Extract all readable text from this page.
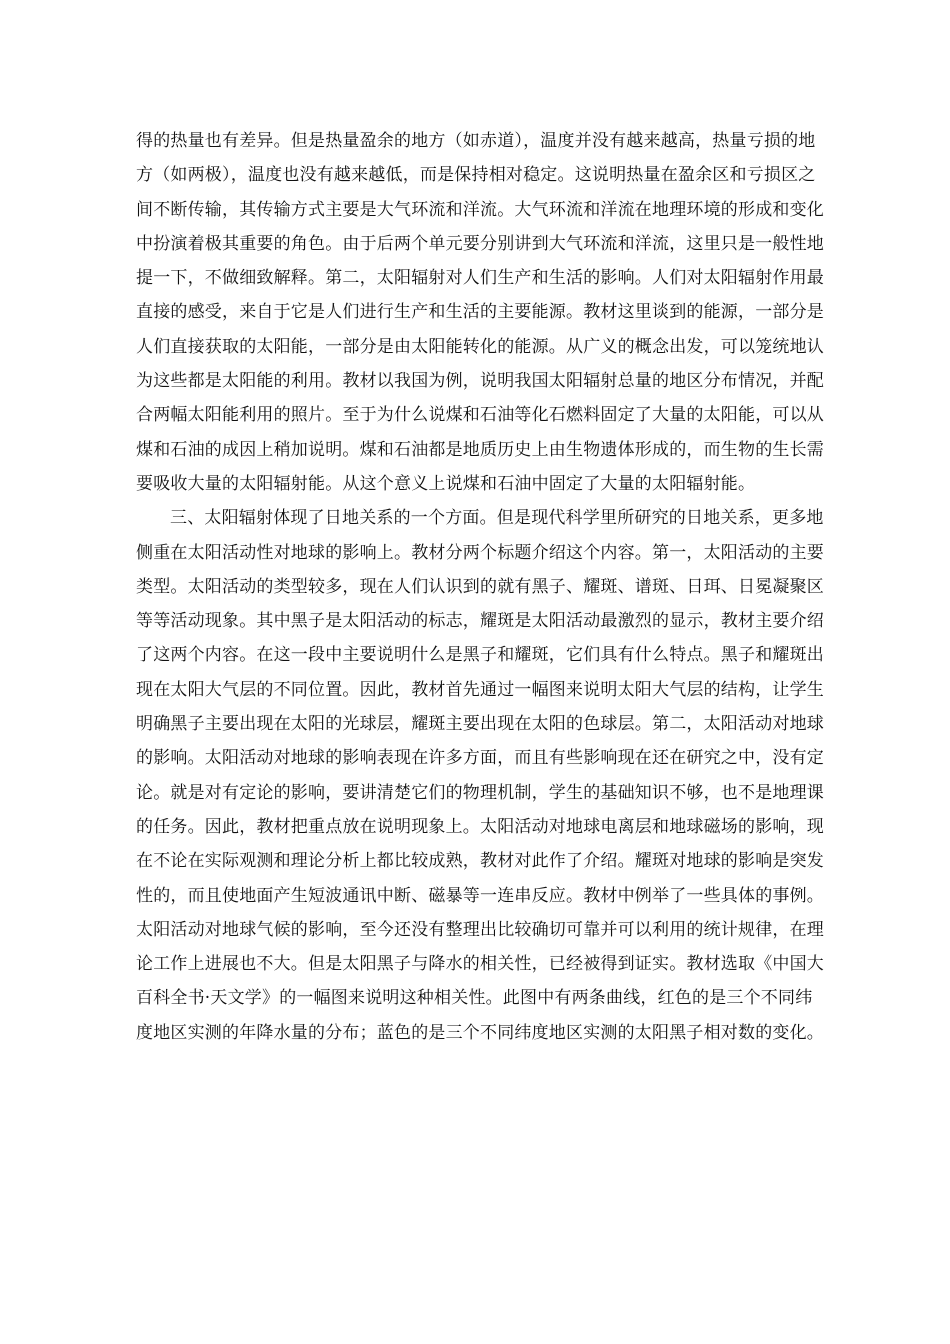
得的热量也有差异。但是热量盈余的地方（如赤道），温度并没有越来越高，热量亏损的地
方（如两极），温度也没有越来越低，而是保持相对稳定。这说明热量在盈余区和亏损区之
间不断传输，其传输方式主要是大气环流和洋流。大气环流和洋流在地理环境的形成和变化
中扮演着极其重要的角色。由于后两个单元要分别讲到大气环流和洋流，这里只是一般性地
提一下，不做细致解释。第二，太阳辐射对人们生产和生活的影响。人们对太阳辐射作用最
直接的感受，来自于它是人们进行生产和生活的主要能源。教材这里谈到的能源，一部分是
人们直接获取的太阳能，一部分是由太阳能转化的能源。从广义的概念出发，可以笼统地认
为这些都是太阳能的利用。教材以我国为例，说明我国太阳辐射总量的地区分布情况，并配
合两幅太阳能利用的照片。至于为什么说煤和石油等化石燃料固定了大量的太阳能，可以从
煤和石油的成因上稍加说明。煤和石油都是地质历史上由生物遗体形成的，而生物的生长需
要吸收大量的太阳辐射能。从这个意义上说煤和石油中固定了大量的太阳辐射能。
三、太阳辐射体现了日地关系的一个方面。但是现代科学里所研究的日地关系，更多地
侧重在太阳活动性对地球的影响上。教材分两个标题介绍这个内容。第一，太阳活动的主要
类型。太阳活动的类型较多，现在人们认识到的就有黑子、耀斑、谱斑、日珥、日冕凝聚区
等等活动现象。其中黑子是太阳活动的标志，耀斑是太阳活动最激烈的显示，教材主要介绍
了这两个内容。在这一段中主要说明什么是黑子和耀斑，它们具有什么特点。黑子和耀斑出
现在太阳大气层的不同位置。因此，教材首先通过一幅图来说明太阳大气层的结构，让学生
明确黑子主要出现在太阳的光球层，耀斑主要出现在太阳的色球层。第二，太阳活动对地球
的影响。太阳活动对地球的影响表现在许多方面，而且有些影响现在还在研究之中，没有定
论。就是对有定论的影响，要讲清楚它们的物理机制，学生的基础知识不够，也不是地理课
的任务。因此，教材把重点放在说明现象上。太阳活动对地球电离层和地球磁场的影响，现
在不论在实际观测和理论分析上都比较成熟，教材对此作了介绍。耀斑对地球的影响是突发
性的，而且使地面产生短波通讯中断、磁暴等一连串反应。教材中例举了一些具体的事例。
太阳活动对地球气候的影响，至今还没有整理出比较确切可靠并可以利用的统计规律，在理
论工作上进展也不大。但是太阳黑子与降水的相关性，已经被得到证实。教材选取《中国大
百科全书·天文学》的一幅图来说明这种相关性。此图中有两条曲线，红色的是三个不同纬
度地区实测的年降水量的分布；蓝色的是三个不同纬度地区实测的太阳黑子相对数的变化。
